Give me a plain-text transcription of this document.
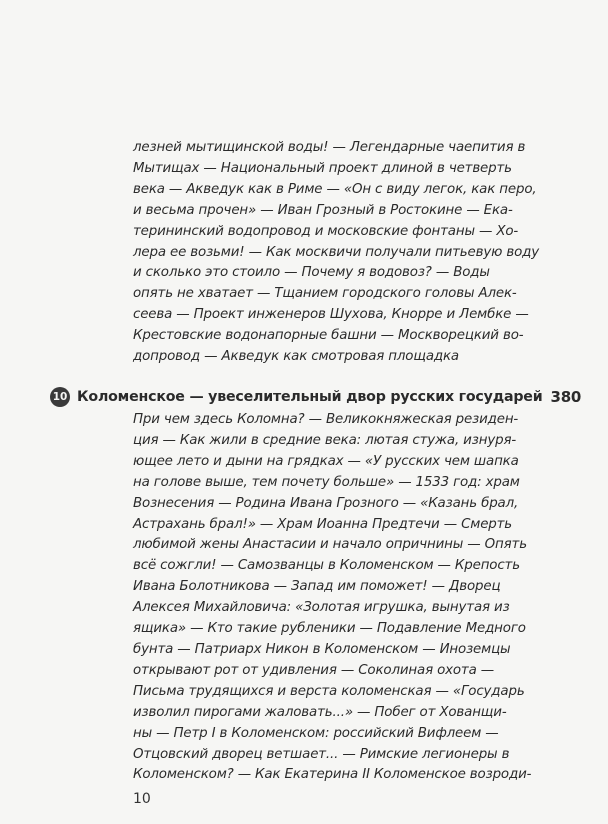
лезней мытищинской воды! — Легендарные чаепития в
Мытищах — Национальный проект длиной в четверть
века — Акведук как в Риме — «Он с виду легок, как перо,
и весьма прочен» — Иван Грозный в Ростокине — Ека-
терининский водопровод и московские фонтаны — Хо-
лера ее возьми! — Как москвичи получали питьевую воду
и сколько это стоило — Почему я водовоз? — Воды
опять не хватает — Тщанием городского головы Алек-
сеева — Проект инженеров Шухова, Кнорре и Лембке —
Крестовские водонапорные башни — Москворецкий во-
допровод — Акведук как смотровая площадка
10 Коломенское — увеселительный двор русских государей 380
При чем здесь Коломна? — Великокняжеская резиден-
ция — Как жили в средние века: лютая стужа, изнуря-
ющее лето и дыни на грядках — «У русских чем шапка
на голове выше, тем почету больше» — 1533 год: храм
Вознесения — Родина Ивана Грозного — «Казань брал,
Астрахань брал!» — Храм Иоанна Предтечи — Смерть
любимой жены Анастасии и начало опричнины — Опять
всё сожгли! — Самозванцы в Коломенском — Крепость
Ивана Болотникова — Запад им поможет! — Дворец
Алексея Михайловича: «Золотая игрушка, вынутая из
ящика» — Кто такие рубленики — Подавление Медного
бунта — Патриарх Никон в Коломенском — Иноземцы
открывают рот от удивления — Соколиная охота —
Письма трудящихся и верста коломенская — «Государь
изволил пирогами жаловать...» — Побег от Хованщи-
ны — Петр I в Коломенском: российский Вифлеем —
Отцовский дворец ветшает... — Римские легионеры в
Коломенском? — Как Екатерина II Коломенское возроди-
10
